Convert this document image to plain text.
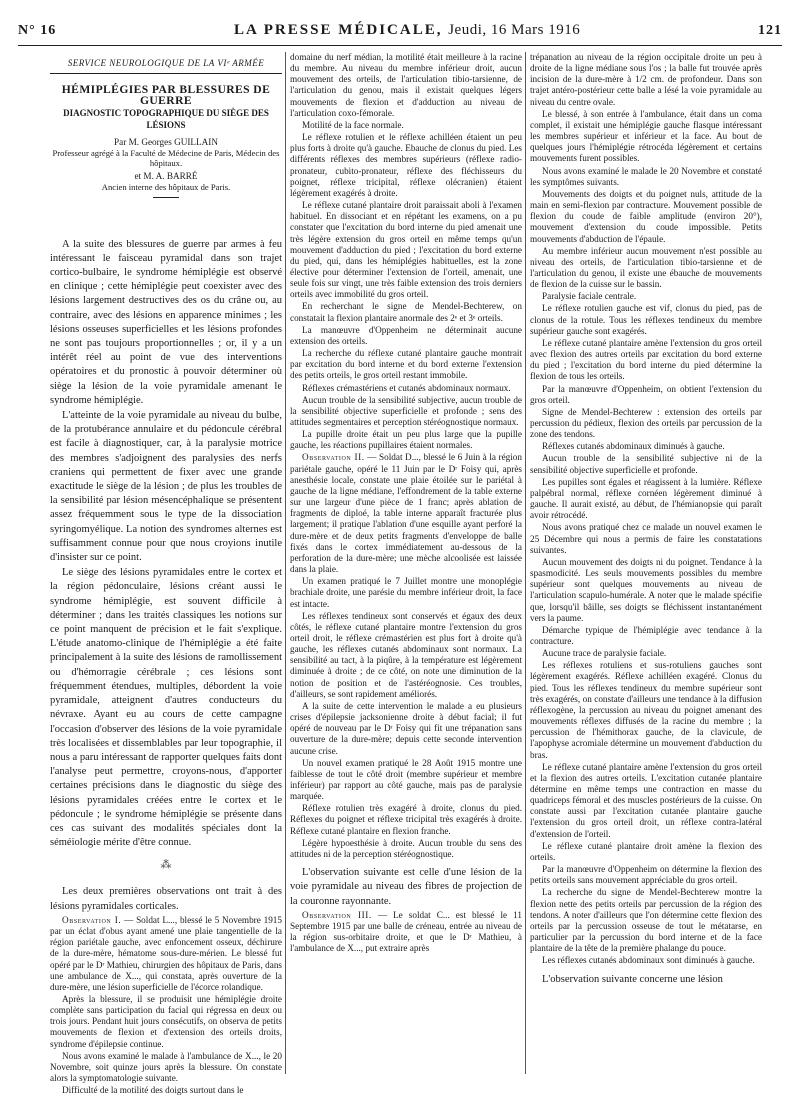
N° 16	LA PRESSE MÉDICALE, Jeudi, 16 Mars 1916	121

SERVICE NEUROLOGIQUE DE LA VIᵉ ARMÉE

HÉMIPLÉGIES PAR BLESSURES DE GUERRE

DIAGNOSTIC TOPOGRAPHIQUE DU SIÈGE DES LÉSIONS

Par M. Georges GUILLAIN

Professeur agrégé à la Faculté de Médecine de Paris, Médecin des hôpitaux.

et M. A. BARRÉ

Ancien interne des hôpitaux de Paris.

A la suite des blessures de guerre par armes à feu intéressant le faisceau pyramidal dans son trajet cortico-bulbaire, le syndrome hémiplégie est observé en clinique ; cette hémiplégie peut coexister avec des lésions largement destructives des os du crâne ou, au contraire, avec des lésions en apparence minimes ; les lésions osseuses superficielles et les lésions profondes ne sont pas toujours proportionnelles ; or, il y a un intérêt réel au point de vue des interventions opératoires et du pronostic à pouvoir déterminer où siège la lésion de la voie pyramidale amenant le syndrome hémiplégie.

L'atteinte de la voie pyramidale au niveau du bulbe, de la protubérance annulaire et du pédoncule cérébral est facile à diagnostiquer, car, à la paralysie motrice des membres s'adjoignent des paralysies des nerfs craniens qui permettent de fixer avec une grande exactitude le siège de la lésion ; de plus les troubles de la sensibilité par lésion mésencéphalique se présentent assez fréquemment sous le type de la dissociation syringomyélique. La notion des syndromes alternes est suffisamment connue pour que nous croyions inutile d'insister sur ce point.

Le siège des lésions pyramidales entre le cortex et la région pédonculaire, lésions créant aussi le syndrome hémiplégie, est souvent difficile à déterminer ; dans les traités classiques les notions sur ce point manquent de précision et le fait s'explique. L'étude anatomo-clinique de l'hémiplégie a été faite principalement à la suite des lésions de ramollissement ou d'hémorragie cérébrale ; ces lésions sont fréquemment étendues, multiples, débordent la voie pyramidale, atteignent d'autres conducteurs du névraxe. Ayant eu au cours de cette campagne l'occasion d'observer des lésions de la voie pyramidale très localisées et dissemblables par leur topographie, il nous a paru intéressant de rapporter quelques faits dont l'analyse peut permettre, croyons-nous, d'apporter certaines précisions dans le diagnostic du siège des lésions pyramidales créées entre le cortex et le pédoncule ; le syndrome hémiplégie se présente dans ces cas suivant des modalités spéciales dont la séméiologie mérite d'être connue.

⁂

Les deux premières observations ont trait à des lésions pyramidales corticales.

Observation I. — Soldat L..., blessé le 5 Novembre 1915 par un éclat d'obus ayant amené une plaie tangentielle de la région pariétale gauche, avec enfoncement osseux, déchirure de la dure-mère, hématome sous-dure-mérien. Le blessé fut opéré par le Dʳ Mathieu, chirurgien des hôpitaux de Paris, dans une ambulance de X..., qui constata, après ouverture de la dure-mère, une lésion superficielle de l'écorce rolandique.

Après la blessure, il se produisit une hémiplégie droite complète sans participation du facial qui régressa en deux ou trois jours. Pendant huit jours consécutifs, on observa de petits mouvements de flexion et d'extension des orteils droits, syndrome d'épilepsie continue.

Nous avons examiné le malade à l'ambulance de X..., le 20 Novembre, soit quinze jours après la blessure. On constate alors la symptomatologie suivante.

Difficulté de la motilité des doigts surtout dans le

domaine du nerf médian, la motilité était meilleure à la racine du membre. Au niveau du membre inférieur droit, aucun mouvement des orteils, de l'articulation tibio-tarsienne, de l'articulation du genou, mais il existait quelques légers mouvements de flexion et d'adduction au niveau de l'articulation coxo-fémorale.

Motilité de la face normale.

Le réflexe rotulien et le réflexe achilléen étaient un peu plus forts à droite qu'à gauche. Ebauche de clonus du pied. Les différents réflexes des membres supérieurs (réflexe radio-pronateur, cubito-pronateur, réflexe des fléchisseurs du poignet, réflexe tricipital, réflexe olécranien) étaient légèrement exagérés à droite.

Le réflexe cutané plantaire droit paraissait aboli à l'examen habituel. En dissociant et en répétant les examens, on a pu constater que l'excitation du bord interne du pied amenait une très légère extension du gros orteil en même temps qu'un mouvement d'adduction du pied ; l'excitation du bord externe du pied, qui, dans les hémiplégies habituelles, est la zone élective pour déterminer l'extension de l'orteil, amenait, une seule fois sur vingt, une très faible extension des trois derniers orteils avec immobilité du gros orteil.

En recherchant le signe de Mendel-Bechterew, on constatait la flexion plantaire anormale des 2ᵉ et 3ᵉ orteils.

La manœuvre d'Oppenheim ne déterminait aucune extension des orteils.

La recherche du réflexe cutané plantaire gauche montrait par excitation du bord interne et du bord externe l'extension des petits orteils, le gros orteil restant immobile.

Réflexes crémastériens et cutanés abdominaux normaux.

Aucun trouble de la sensibilité subjective, aucun trouble de la sensibilité objective superficielle et profonde ; sens des attitudes segmentaires et perception stéréognostique normaux.

La pupille droite était un peu plus large que la pupille gauche, les réactions pupillaires étaient normales.

Observation II. — Soldat D..., blessé le 6 Juin à la région pariétale gauche, opéré le 11 Juin par le Dʳ Foisy qui, après anesthésie locale, constate une plaie étoilée sur le pariétal à gauche de la ligne médiane, l'effondrement de la table externe sur une largeur d'une pièce de 1 franc; après ablation de fragments de diploé, la table interne apparaît fracturée plus largement; il pratique l'ablation d'une esquille ayant perforé la dure-mère et de deux petits fragments d'enveloppe de balle fixés dans le cortex immédiatement au-dessous de la perforation de la dure-mère; une mèche alcoolisée est laissée dans la plaie.

Un examen pratiqué le 7 Juillet montre une monoplégie brachiale droite, une parésie du membre inférieur droit, la face est intacte.

Les réflexes tendineux sont conservés et égaux des deux côtés, le réflexe cutané plantaire montre l'extension du gros orteil droit, le réflexe crémastérien est plus fort à droite qu'à gauche, les réflexes cutanés abdominaux sont normaux. La sensibilité au tact, à la piqûre, à la température est légèrement diminuée à droite ; de ce côté, on note une diminution de la notion de position et de l'astéréognosie. Ces troubles, d'ailleurs, se sont rapidement améliorés.

A la suite de cette intervention le malade a eu plusieurs crises d'épilepsie jacksonienne droite à début facial; il fut opéré de nouveau par le Dʳ Foisy qui fit une trépanation sans ouverture de la dure-mère; depuis cette seconde intervention aucune crise.

Un nouvel examen pratiqué le 28 Août 1915 montre une faiblesse de tout le côté droit (membre supérieur et membre inférieur) par rapport au côté gauche, mais pas de paralysie marquée.

Réflexe rotulien très exagéré à droite, clonus du pied. Réflexes du poignet et réflexe tricipital très exagérés à droite. Réflexe cutané plantaire en flexion franche.

Légère hypoesthésie à droite. Aucun trouble du sens des attitudes ni de la perception stéréognostique.

L'observation suivante est celle d'une lésion de la voie pyramidale au niveau des fibres de projection de la couronne rayonnante.

Observation III. — Le soldat C... est blessé le 11 Septembre 1915 par une balle de créneau, entrée au niveau de la région sus-orbitaire droite, et que le Dʳ Mathieu, à l'ambulance de X..., put extraire après

trépanation au niveau de la région occipitale droite un peu à droite de la ligne médiane sous l'os ; la balle fut trouvée après incision de la dure-mère à 1/2 cm. de profondeur. Dans son trajet antéro-postérieur cette balle a lésé la voie pyramidale au niveau du centre ovale.

Le blessé, à son entrée à l'ambulance, était dans un coma complet, il existait une hémiplégie gauche flasque intéressant les membres supérieur et inférieur et la face. Au bout de quelques jours l'hémiplégie rétrocéda légèrement et certains mouvements furent possibles.

Nous avons examiné le malade le 20 Novembre et constaté les symptômes suivants.

Mouvements des doigts et du poignet nuls, attitude de la main en semi-flexion par contracture. Mouvement possible de flexion du coude de faible amplitude (environ 20°), mouvement d'extension du coude impossible. Petits mouvements d'abduction de l'épaule.

Au membre inférieur aucun mouvement n'est possible au niveau des orteils, de l'articulation tibio-tarsienne et de l'articulation du genou, il existe une ébauche de mouvements de flexion de la cuisse sur le bassin.

Paralysie faciale centrale.

Le réflexe rotulien gauche est vif, clonus du pied, pas de clonus de la rotule. Tous les réflexes tendineux du membre supérieur gauche sont exagérés.

Le réflexe cutané plantaire amène l'extension du gros orteil avec flexion des autres orteils par excitation du bord externe du pied ; l'excitation du bord interne du pied détermine la flexion de tous les orteils.

Par la manœuvre d'Oppenheim, on obtient l'extension du gros orteil.

Signe de Mendel-Bechterew : extension des orteils par percussion du pédieux, flexion des orteils par percussion de la zone des tendons.

Réflexes cutanés abdominaux diminués à gauche.

Aucun trouble de la sensibilité subjective ni de la sensibilité objective superficielle et profonde.

Les pupilles sont égales et réagissent à la lumière. Réflexe palpébral normal, réflexe cornéen légèrement diminué à gauche. Il aurait existé, au début, de l'hémianopsie qui paraît avoir rétrocédé.

Nous avons pratiqué chez ce malade un nouvel examen le 25 Décembre qui nous a permis de faire les constatations suivantes.

Aucun mouvement des doigts ni du poignet. Tendance à la spasmodicité. Les seuls mouvements possibles du membre supérieur sont quelques mouvements au niveau de l'articulation scapulo-humérale. A noter que le malade spécifie que, lorsqu'il bâille, ses doigts se fléchissent instantanément vers la paume.

Démarche typique de l'hémiplégie avec tendance à la contracture.

Aucune trace de paralysie faciale.

Les réflexes rotuliens et sus-rotuliens gauches sont légèrement exagérés. Réflexe achilléen exagéré. Clonus du pied. Tous les réflexes tendineux du membre supérieur sont très exagérés, on constate d'ailleurs une tendance à la diffusion réflexogène, la percussion au niveau du poignet amenant des mouvements réflexes diffusés de la racine du membre ; la percussion de l'hémithorax gauche, de la clavicule, de l'apophyse acromiale détermine un mouvement d'abduction du bras.

Le réflexe cutané plantaire amène l'extension du gros orteil et la flexion des autres orteils. L'excitation cutanée plantaire détermine en même temps une contraction en masse du quadriceps fémoral et des muscles postérieurs de la cuisse. On constate aussi par l'excitation cutanée plantaire gauche l'extension du gros orteil droit, un réflexe contra-latéral d'extension de l'orteil.

Le réflexe cutané plantaire droit amène la flexion des orteils.

Par la manœuvre d'Oppenheim on détermine la flexion des petits orteils sans mouvement appréciable du gros orteil.

La recherche du signe de Mendel-Bechterew montre la flexion nette des petits orteils par percussion de la région des tendons. A noter d'ailleurs que l'on détermine cette flexion des orteils par la percussion osseuse de tout le métatarse, en particulier par la percussion du bord interne et de la face plantaire de la tête de la première phalange du pouce.

Les réflexes cutanés abdominaux sont diminués à gauche.

L'observation suivante concerne une lésion
